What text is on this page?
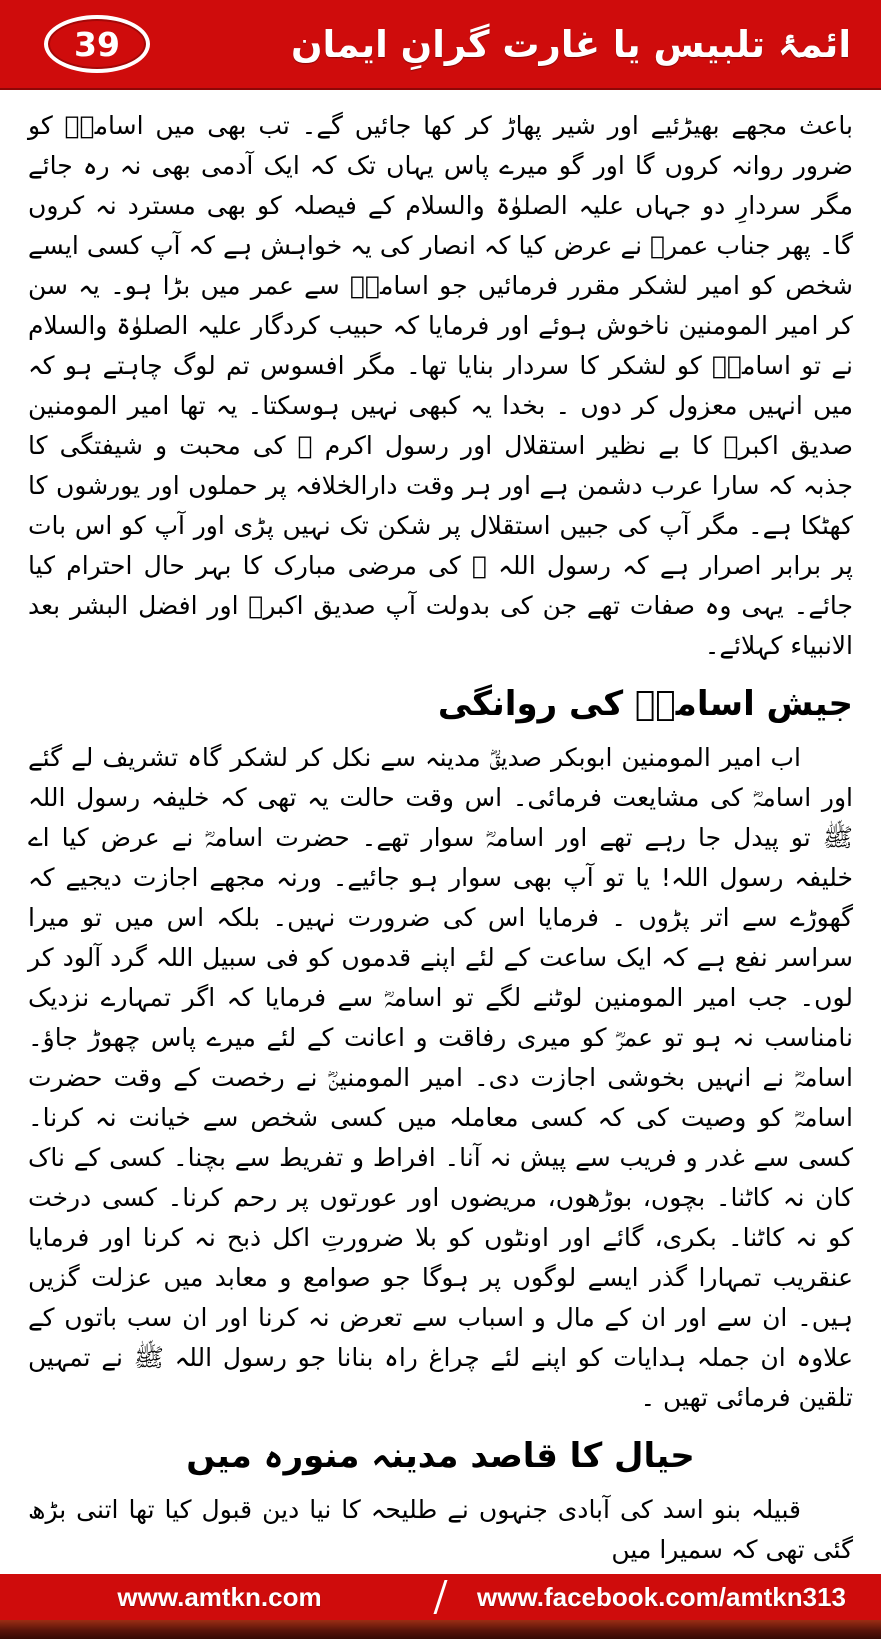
ائمۂ تلبیس یا غارت گرانِ ایمان
39

باعث مجھے بھیڑئیے اور شیر پھاڑ کر کھا جائیں گے۔ تب بھی میں اسامہؓ کو ضرور روانہ کروں گا اور گو میرے پاس یہاں تک کہ ایک آدمی بھی نہ رہ جائے مگر سردارِ دو جہاں علیہ الصلوٰۃ والسلام کے فیصلہ کو بھی مسترد نہ کروں گا۔ پھر جناب عمرؓ نے عرض کیا کہ انصار کی یہ خواہش ہے کہ آپ کسی ایسے شخص کو امیر لشکر مقرر فرمائیں جو اسامہؓ سے عمر میں بڑا ہو۔ یہ سن کر امیر المومنین ناخوش ہوئے اور فرمایا کہ حبیب کردگار علیہ الصلوٰۃ والسلام نے تو اسامہؓ کو لشکر کا سردار بنایا تھا۔ مگر افسوس تم لوگ چاہتے ہو کہ میں انہیں معزول کر دوں ۔ بخدا یہ کبھی نہیں ہوسکتا۔ یہ تھا امیر المومنین صدیق اکبرؓ کا بے نظیر استقلال اور رسول اکرم ﷺ کی محبت و شیفتگی کا جذبہ کہ سارا عرب دشمن ہے اور ہر وقت دارالخلافہ پر حملوں اور یورشوں کا کھٹکا ہے۔ مگر آپ کی جبیں استقلال پر شکن تک نہیں پڑی اور آپ کو اس بات پر برابر اصرار ہے کہ رسول اللہ ﷺ کی مرضی مبارک کا بہر حال احترام کیا جائے۔ یہی وہ صفات تھے جن کی بدولت آپ صدیق اکبرؓ اور افضل البشر بعد الانبیاء کہلائے۔

جیش اسامہؓ کی روانگی

اب امیر المومنین ابوبکر صدیقؓ مدینہ سے نکل کر لشکر گاہ تشریف لے گئے اور اسامہؓ کی مشایعت فرمائی۔ اس وقت حالت یہ تھی کہ خلیفہ رسول اللہ ﷺ تو پیدل جا رہے تھے اور اسامہؓ سوار تھے۔ حضرت اسامہؓ نے عرض کیا اے خلیفہ رسول اللہ! یا تو آپ بھی سوار ہو جائیے۔ ورنہ مجھے اجازت دیجیے کہ گھوڑے سے اتر پڑوں ۔ فرمایا اس کی ضرورت نہیں۔ بلکہ اس میں تو میرا سراسر نفع ہے کہ ایک ساعت کے لئے اپنے قدموں کو فی سبیل اللہ گرد آلود کر لوں۔ جب امیر المومنین لوٹنے لگے تو اسامہؓ سے فرمایا کہ اگر تمہارے نزدیک نامناسب نہ ہو تو عمرؓ کو میری رفاقت و اعانت کے لئے میرے پاس چھوڑ جاؤ۔ اسامہؓ نے انہیں بخوشی اجازت دی۔ امیر المومنینؓ نے رخصت کے وقت حضرت اسامہؓ کو وصیت کی کہ کسی معاملہ میں کسی شخص سے خیانت نہ کرنا۔ کسی سے غدر و فریب سے پیش نہ آنا۔ افراط و تفریط سے بچنا۔ کسی کے ناک کان نہ کاٹنا۔ بچوں، بوڑھوں، مریضوں اور عورتوں پر رحم کرنا۔ کسی درخت کو نہ کاٹنا۔ بکری، گائے اور اونٹوں کو بلا ضرورتِ اکل ذبح نہ کرنا اور فرمایا عنقریب تمہارا گذر ایسے لوگوں پر ہوگا جو صوامع و معابد میں عزلت گزیں ہیں۔ ان سے اور ان کے مال و اسباب سے تعرض نہ کرنا اور ان سب باتوں کے علاوہ ان جملہ ہدایات کو اپنے لئے چراغ راہ بنانا جو رسول اللہ ﷺ نے تمہیں تلقین فرمائی تھیں ۔

حیال کا قاصد مدینہ منورہ میں

قبیلہ بنو اسد کی آبادی جنہوں نے طلیحہ کا نیا دین قبول کیا تھا اتنی بڑھ گئی تھی کہ سمیرا میں

www.amtkn.com	www.facebook.com/amtkn313
